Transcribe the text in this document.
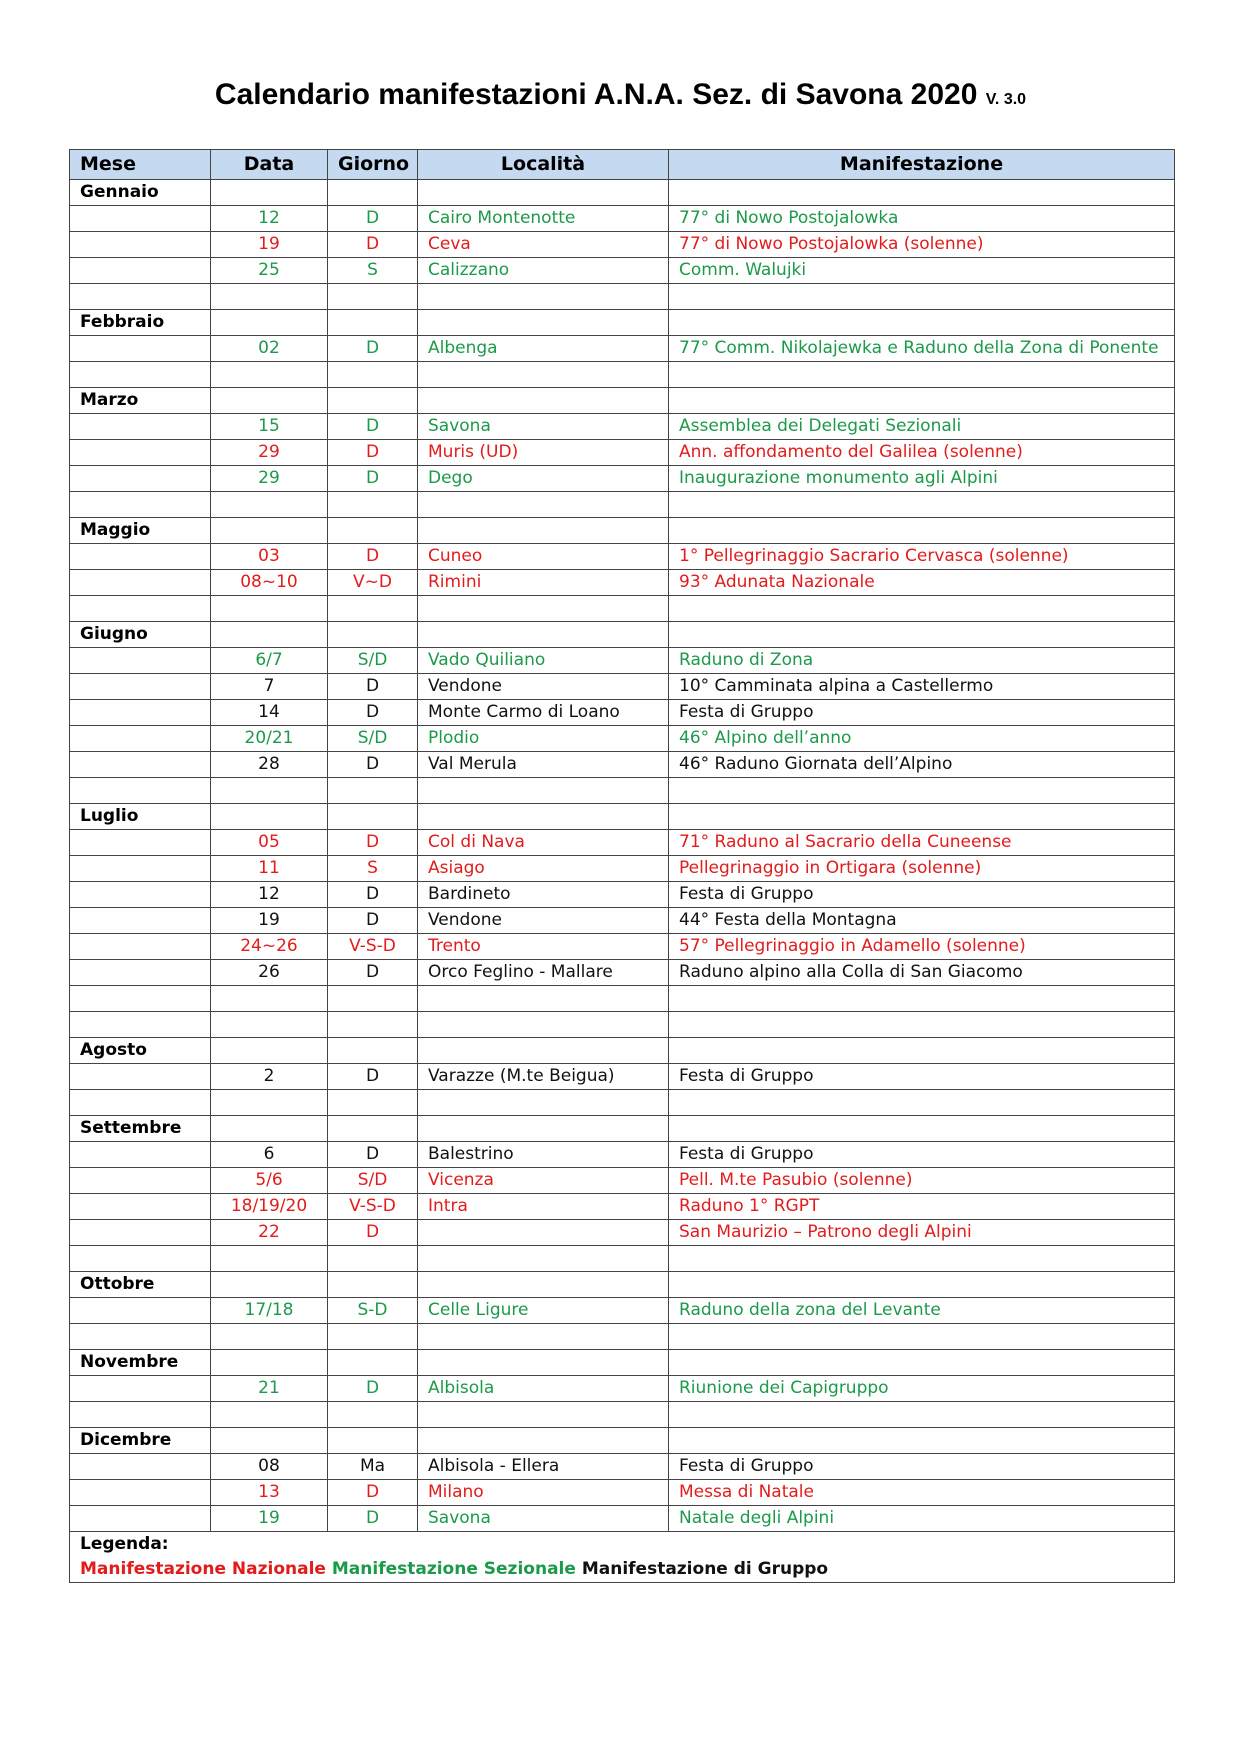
Calendario manifestazioni A.N.A. Sez. di Savona 2020 V. 3.0
Mese	Data	Giorno	Località	Manifestazione
Gennaio				
	12	D	Cairo Montenotte	77° di Nowo Postojalowka
	19	D	Ceva	77° di Nowo Postojalowka (solenne)
	25	S	Calizzano	Comm. Walujki

Febbraio				
	02	D	Albenga	77° Comm. Nikolajewka e Raduno della Zona di Ponente

Marzo				
	15	D	Savona	Assemblea dei Delegati Sezionali
	29	D	Muris (UD)	Ann. affondamento del Galilea (solenne)
	29	D	Dego	Inaugurazione monumento agli Alpini

Maggio				
	03	D	Cuneo	1° Pellegrinaggio Sacrario Cervasca (solenne)
	08~10	V~D	Rimini	93° Adunata Nazionale

Giugno				
	6/7	S/D	Vado Quiliano	Raduno di Zona
	7	D	Vendone	10° Camminata alpina a Castellermo
	14	D	Monte Carmo di Loano	Festa di Gruppo
	20/21	S/D	Plodio	46° Alpino dell’anno
	28	D	Val Merula	46° Raduno Giornata dell’Alpino

Luglio				
	05	D	Col di Nava	71° Raduno al Sacrario della Cuneense
	11	S	Asiago	Pellegrinaggio in Ortigara (solenne)
	12	D	Bardineto	Festa di Gruppo
	19	D	Vendone	44° Festa della Montagna
	24~26	V-S-D	Trento	57° Pellegrinaggio in Adamello (solenne)
	26	D	Orco Feglino - Mallare	Raduno alpino alla Colla di San Giacomo

Agosto				
	2	D	Varazze (M.te Beigua)	Festa di Gruppo

Settembre				
	6	D	Balestrino	Festa di Gruppo
	5/6	S/D	Vicenza	Pell. M.te Pasubio (solenne)
	18/19/20	V-S-D	Intra	Raduno 1° RGPT
	22	D		San Maurizio – Patrono degli Alpini

Ottobre				
	17/18	S-D	Celle Ligure	Raduno della zona del Levante

Novembre				
	21	D	Albisola	Riunione dei Capigruppo

Dicembre				
	08	Ma	Albisola - Ellera	Festa di Gruppo
	13	D	Milano	Messa di Natale
	19	D	Savona	Natale degli Alpini

Legenda:
Manifestazione Nazionale Manifestazione Sezionale Manifestazione di Gruppo				
